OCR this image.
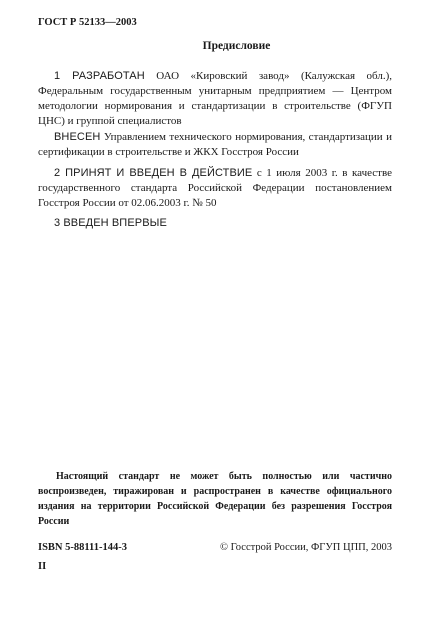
ГОСТ Р 52133—2003
Предисловие
1 РАЗРАБОТАН ОАО «Кировский завод» (Калужская обл.), Федеральным государственным унитарным предприятием — Центром методологии нормирования и стандартизации в строительстве (ФГУП ЦНС) и группой специалистов
ВНЕСЕН Управлением технического нормирования, стандартизации и сертификации в строительстве и ЖКХ Госстроя России
2 ПРИНЯТ И ВВЕДЕН В ДЕЙСТВИЕ с 1 июля 2003 г. в качестве государственного стандарта Российской Федерации постановлением Госстроя России от 02.06.2003 г. № 50
3 ВВЕДЕН ВПЕРВЫЕ
Настоящий стандарт не может быть полностью или частично воспроизведен, тиражирован и распространен в качестве официального издания на территории Российской Федерации без разрешения Госстроя России
ISBN 5-88111-144-3	© Госстрой России, ФГУП ЦПП, 2003
II
